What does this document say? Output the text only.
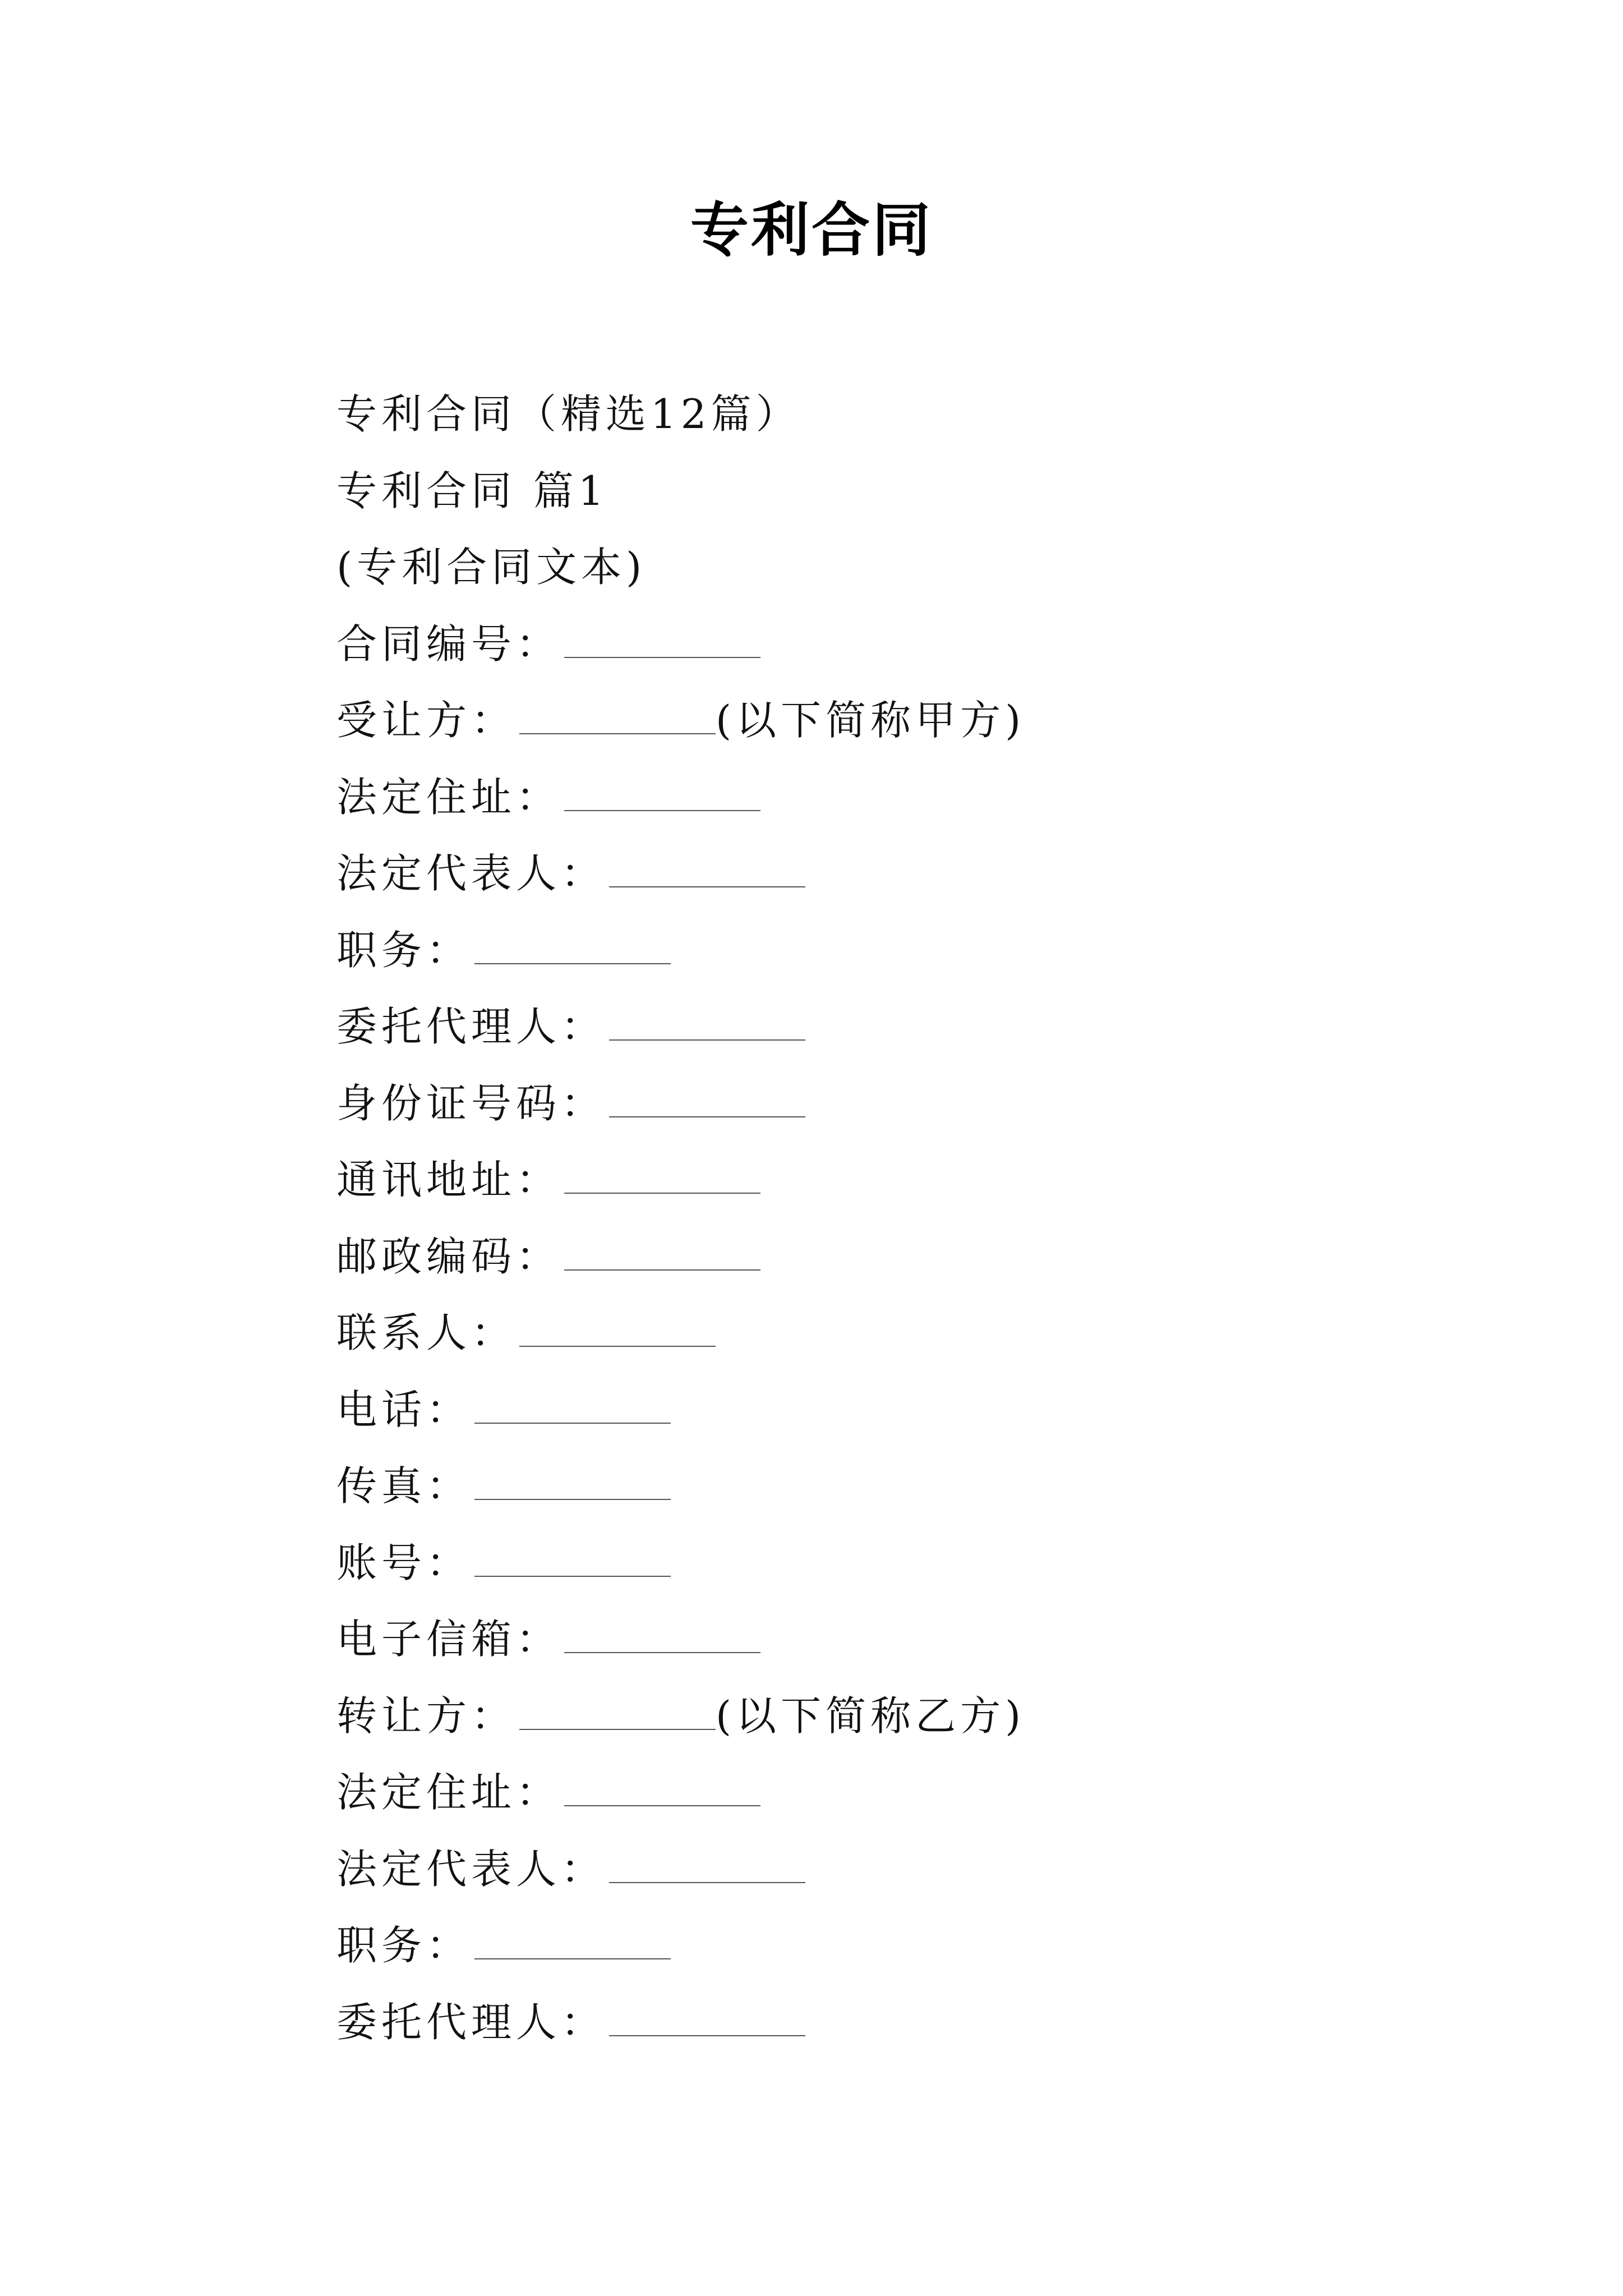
专利合同
专利合同（精选12篇）
专利合同 篇1
(专利合同文本)
合同编号：
受让方：	(以下简称甲方)
法定住址：
法定代表人：
职务：
委托代理人：
身份证号码：
通讯地址：
邮政编码：
联系人：
电话：
传真：
账号：
电子信箱：
转让方：	(以下简称乙方)
法定住址：
法定代表人：
职务：
委托代理人：
